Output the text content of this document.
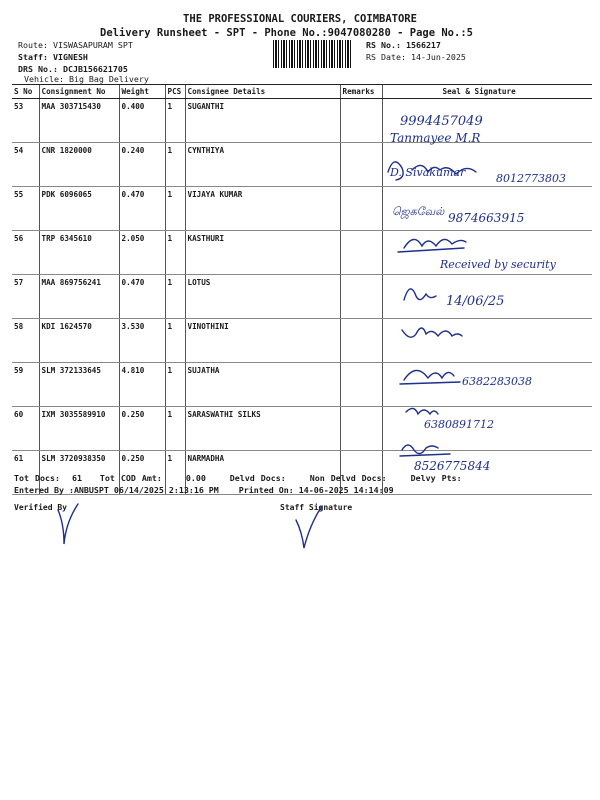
THE PROFESSIONAL COURIERS, COIMBATORE
Delivery Runsheet - SPT - Phone No.:9047080280 - Page No.:5
Route: VISWASAPURAM SPT
Staff: VIGNESH
DRS No.: DCJB156621705
Vehicle: Big Bag Delivery
RS No.: 1566217
RS Date: 14-Jun-2025
S No	Consignment No	Weight	PCS	Consignee Details	Remarks	Seal & Signature
53	MAA 303715430	0.400	1	SUGANTHI		
54	CNR 1820000	0.240	1	CYNTHIYA		
55	PDK 6096065	0.470	1	VIJAYA KUMAR		
56	TRP 6345610	2.050	1	KASTHURI		
57	MAA 869756241	0.470	1	LOTUS		
58	KDI 1624570	3.530	1	VINOTHINI		
59	SLM 372133645	4.810	1	SUJATHA		
60	IXM 3035589910	0.250	1	SARASWATHI SILKS		
61	SLM 3720938350	0.250	1	NARMADHA		
Tot Docs:  61   Tot COD Amt:    0.00    Delvd Docs:    Non Delvd Docs:    Delvy Pts:
Entered By :ANBUSPT 06/14/2025 2:13:16 PM    Printed On: 14-06-2025 14:14:09
Verified By	Staff Signature
9994457049
Tanmayee M.R
D. Sivakumar	8012773803
ஜெகவேல் 9874663915
Received by security
14/06/25
6382283038
6380891712
8526775844
